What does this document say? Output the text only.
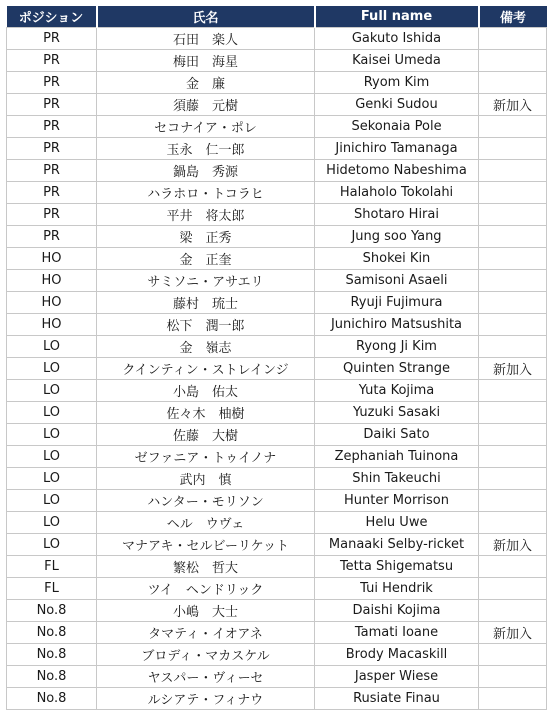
ポジション	氏名	Full name	備考
PR	石田　楽人	Gakuto Ishida	
PR	梅田　海星	Kaisei Umeda	
PR	金　廉	Ryom Kim	
PR	須藤　元樹	Genki Sudou	新加入
PR	セコナイア・ポレ	Sekonaia Pole	
PR	玉永　仁一郎	Jinichiro Tamanaga	
PR	鍋島　秀源	Hidetomo Nabeshima	
PR	ハラホロ・トコラヒ	Halaholo Tokolahi	
PR	平井　将太郎	Shotaro Hirai	
PR	梁　正秀	Jung soo Yang	
HO	金　正奎	Shokei Kin	
HO	サミソニ・アサエリ	Samisoni Asaeli	
HO	藤村　琉士	Ryuji Fujimura	
HO	松下　潤一郎	Junichiro Matsushita	
LO	金　嶺志	Ryong Ji Kim	
LO	クインティン・ストレインジ	Quinten Strange	新加入
LO	小島　佑太	Yuta Kojima	
LO	佐々木　柚樹	Yuzuki Sasaki	
LO	佐藤　大樹	Daiki Sato	
LO	ゼファニア・トゥイノナ	Zephaniah Tuinona	
LO	武内　慎	Shin Takeuchi	
LO	ハンター・モリソン	Hunter Morrison	
LO	ヘル　ウヴェ	Helu Uwe	
LO	マナアキ・セルビーリケット	Manaaki Selby-ricket	新加入
FL	繁松　哲大	Tetta Shigematsu	
FL	ツイ　ヘンドリック	Tui Hendrik	
No.8	小嶋　大士	Daishi Kojima	
No.8	タマティ・イオアネ	Tamati Ioane	新加入
No.8	ブロディ・マカスケル	Brody Macaskill	
No.8	ヤスパー・ヴィーセ	Jasper Wiese	
No.8	ルシアテ・フィナウ	Rusiate Finau	
